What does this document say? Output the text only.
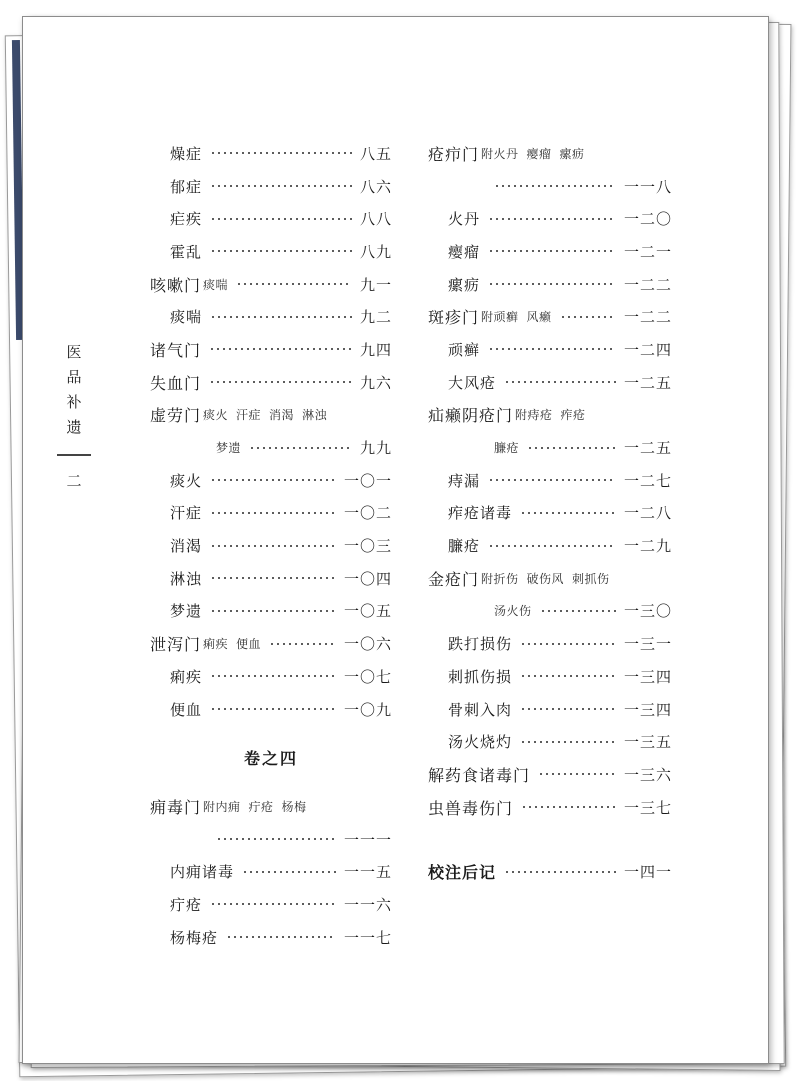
医品补遗
二
燥症	八五
郁症	八六
疟疾	八八
霍乱	八九
咳嗽门 痰喘	九一
痰喘	九二
诸气门	九四
失血门	九六
虚劳门 痰火 汗症 消渴 淋浊
梦遗	九九
痰火	一〇一
汗症	一〇二
消渴	一〇三
淋浊	一〇四
梦遗	一〇五
泄泻门 痢疾 便血	一〇六
痢疾	一〇七
便血	一〇九
卷之四
痈毒门 附内痈 疔疮 杨梅
一一一
内痈诸毒	一一五
疔疮	一一六
杨梅疮	一一七
疮疖门 附火丹 瘿瘤 瘰疬
一一八
火丹	一二〇
瘿瘤	一二一
瘰疬	一二二
斑疹门 附顽癣 风癞	一二二
顽癣	一二四
大风疮	一二五
疝癞阴疮门 附痔疮 痄疮
臁疮	一二五
痔漏	一二七
痄疮诸毒	一二八
臁疮	一二九
金疮门 附折伤 破伤风 刺抓伤
汤火伤	一三〇
跌打损伤	一三一
刺抓伤损	一三四
骨刺入肉	一三四
汤火烧灼	一三五
解药食诸毒门	一三六
虫兽毒伤门	一三七
校注后记	一四一
